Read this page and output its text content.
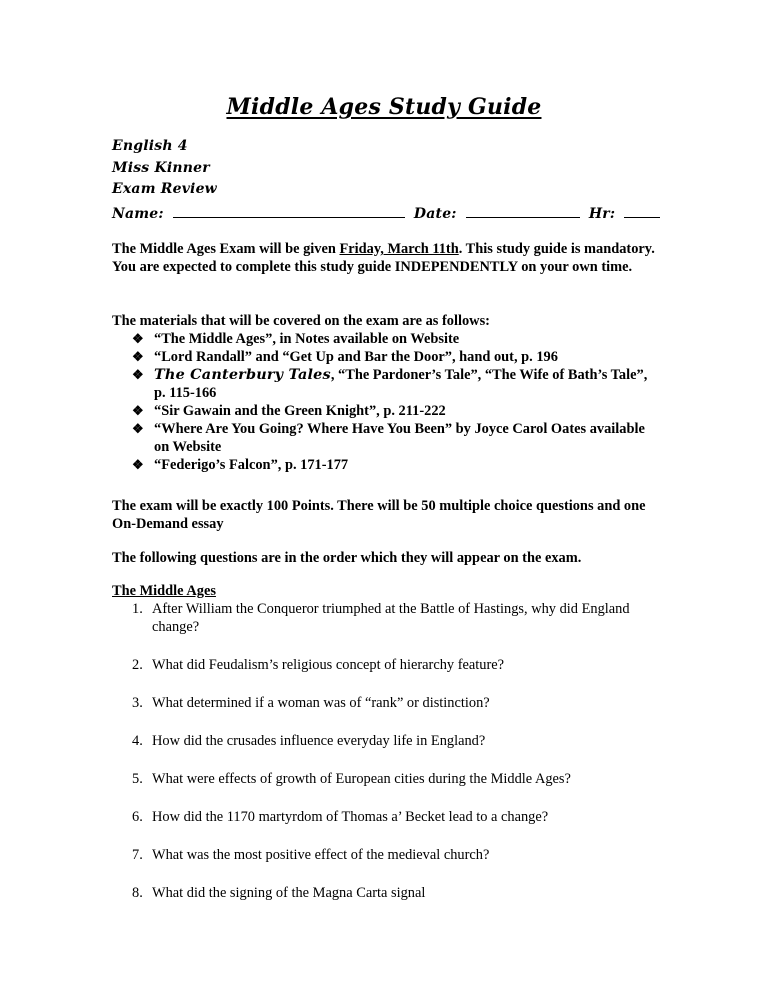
Middle Ages Study Guide
English 4
Miss Kinner
Exam Review
Name:	Date:	Hr:
The Middle Ages Exam will be given Friday, March 11th. This study guide is mandatory. You are expected to complete this study guide INDEPENDENTLY on your own time.
The materials that will be covered on the exam are as follows:
❖ “The Middle Ages”, in Notes available on Website
❖ “Lord Randall” and “Get Up and Bar the Door”, hand out, p. 196
❖ The Canterbury Tales, “The Pardoner’s Tale”, “The Wife of Bath’s Tale”, p. 115-166
❖ “Sir Gawain and the Green Knight”, p. 211-222
❖ “Where Are You Going? Where Have You Been” by Joyce Carol Oates available on Website
❖ “Federigo’s Falcon”, p. 171-177
The exam will be exactly 100 Points. There will be 50 multiple choice questions and one On-Demand essay
The following questions are in the order which they will appear on the exam.
The Middle Ages
1. After William the Conqueror triumphed at the Battle of Hastings, why did England change?
2. What did Feudalism’s religious concept of hierarchy feature?
3. What determined if a woman was of “rank” or distinction?
4. How did the crusades influence everyday life in England?
5. What were effects of growth of European cities during the Middle Ages?
6. How did the 1170 martyrdom of Thomas a’ Becket lead to a change?
7. What was the most positive effect of the medieval church?
8. What did the signing of the Magna Carta signal
